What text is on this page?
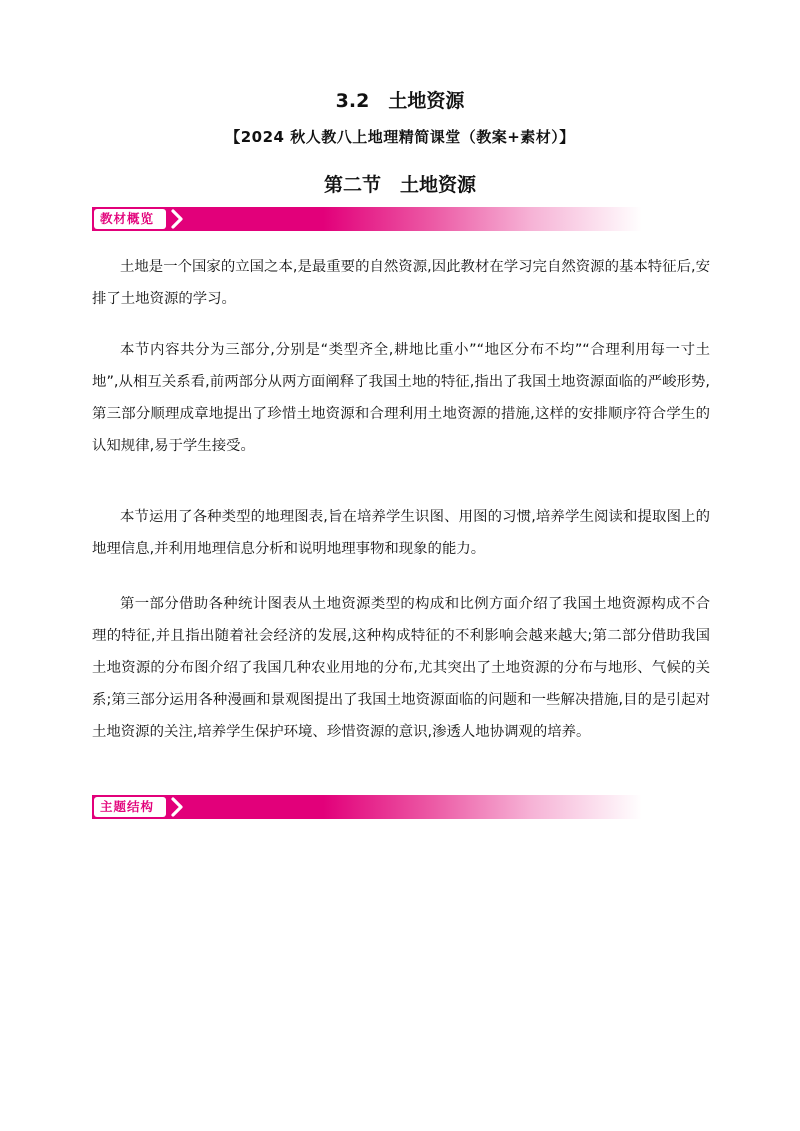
3.2　土地资源
【2024 秋人教八上地理精简课堂（教案+素材）】
第二节　土地资源
教材概览

土地是一个国家的立国之本,是最重要的自然资源,因此教材在学习完自然资源的基本特征后,安排了土地资源的学习。

本节内容共分为三部分,分别是“类型齐全,耕地比重小”“地区分布不均”“合理利用每一寸土地”,从相互关系看,前两部分从两方面阐释了我国土地的特征,指出了我国土地资源面临的严峻形势,第三部分顺理成章地提出了珍惜土地资源和合理利用土地资源的措施,这样的安排顺序符合学生的认知规律,易于学生接受。

本节运用了各种类型的地理图表,旨在培养学生识图、用图的习惯,培养学生阅读和提取图上的地理信息,并利用地理信息分析和说明地理事物和现象的能力。

第一部分借助各种统计图表从土地资源类型的构成和比例方面介绍了我国土地资源构成不合理的特征,并且指出随着社会经济的发展,这种构成特征的不利影响会越来越大;第二部分借助我国土地资源的分布图介绍了我国几种农业用地的分布,尤其突出了土地资源的分布与地形、气候的关系;第三部分运用各种漫画和景观图提出了我国土地资源面临的问题和一些解决措施,目的是引起对土地资源的关注,培养学生保护环境、珍惜资源的意识,渗透人地协调观的培养。

主题结构
